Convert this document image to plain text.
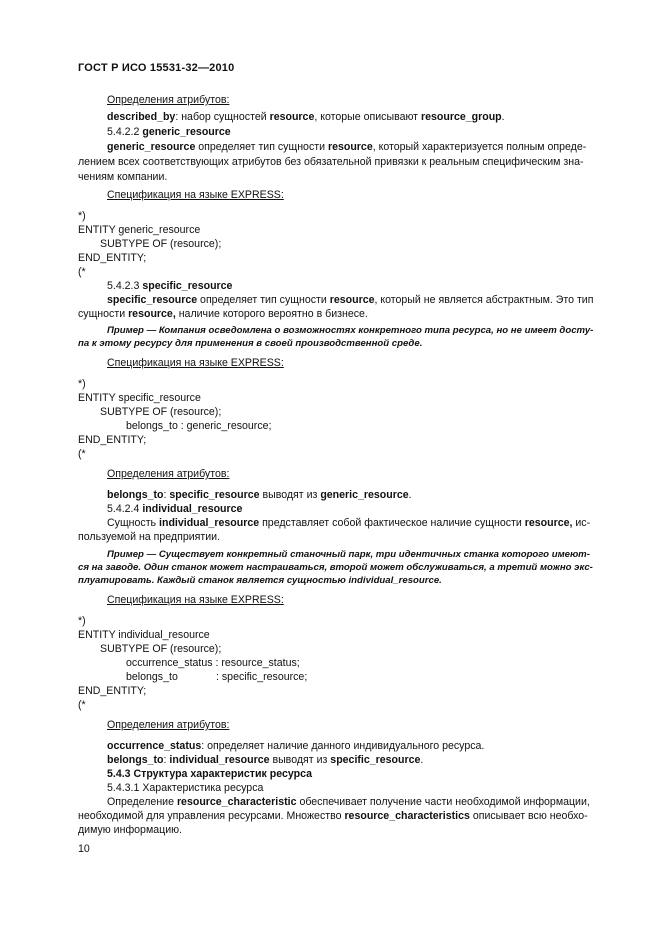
ГОСТ Р ИСО 15531-32—2010
Определения атрибутов:
described_by: набор сущностей resource, которые описывают resource_group.
5.4.2.2 generic_resource
generic_resource определяет тип сущности resource, который характеризуется полным опреде-
лением всех соответствующих атрибутов без обязательной привязки к реальным специфическим зна-
чениям компании.
Спецификация на языке EXPRESS:
*)
ENTITY generic_resource
SUBTYPE OF (resource);
END_ENTITY;
(*
5.4.2.3 specific_resource
specific_resource определяет тип сущности resource, который не является абстрактным. Это тип
сущности resource, наличие которого вероятно в бизнесе.
Пример — Компания осведомлена о возможностях конкретного типа ресурса, но не имеет досту-
па к этому ресурсу для применения в своей производственной среде.
Спецификация на языке EXPRESS:
*)
ENTITY specific_resource
SUBTYPE OF (resource);
belongs_to : generic_resource;
END_ENTITY;
(*
Определения атрибутов:
belongs_to: specific_resource выводят из generic_resource.
5.4.2.4 individual_resource
Сущность individual_resource представляет собой фактическое наличие сущности resource, ис-
пользуемой на предприятии.
Пример — Существует конкретный станочный парк, три идентичных станка которого имеют-
ся на заводе. Один станок может настраиваться, второй может обслуживаться, а третий можно экс-
плуатировать. Каждый станок является сущностью individual_resource.
Спецификация на языке EXPRESS:
*)
ENTITY individual_resource
SUBTYPE OF (resource);
occurrence_status : resource_status;
belongs_to	: specific_resource;
END_ENTITY;
(*
Определения атрибутов:
occurrence_status: определяет наличие данного индивидуального ресурса.
belongs_to: individual_resource выводят из specific_resource.
5.4.3 Структура характеристик ресурса
5.4.3.1 Характеристика ресурса
Определение resource_characteristic обеспечивает получение части необходимой информации,
необходимой для управления ресурсами. Множество resource_characteristics описывает всю необхо-
димую информацию.
10
